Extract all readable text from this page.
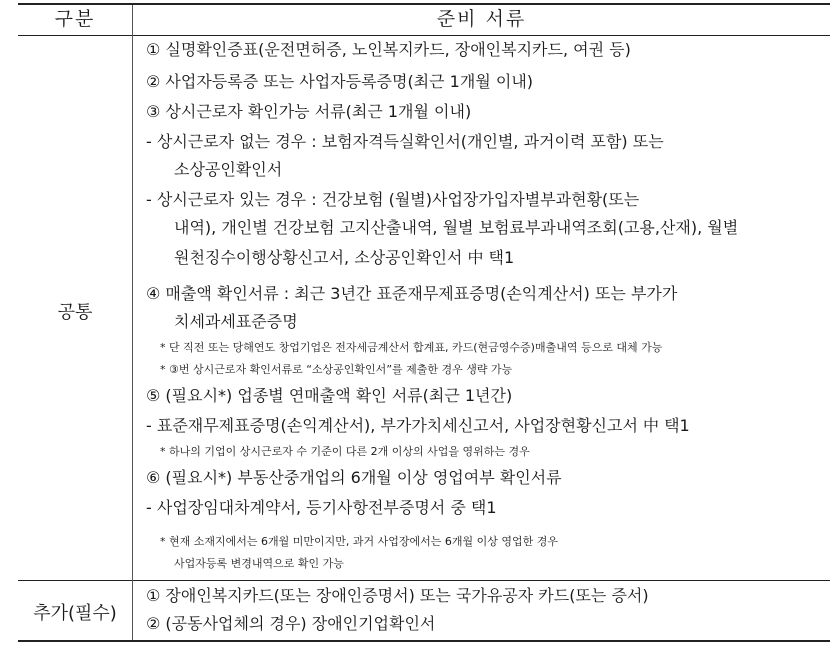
구분	준비 서류
공통
추가(필수)
① 실명확인증표(운전면허증, 노인복지카드, 장애인복지카드, 여권 등)
② 사업자등록증 또는 사업자등록증명(최근 1개월 이내)
③ 상시근로자 확인가능 서류(최근 1개월 이내)
- 상시근로자 없는 경우 : 보험자격득실확인서(개인별, 과거이력 포함) 또는
소상공인확인서
- 상시근로자 있는 경우 : 건강보험 (월별)사업장가입자별부과현황(또는
내역), 개인별 건강보험 고지산출내역, 월별 보험료부과내역조회(고용,산재), 월별
원천징수이행상황신고서, 소상공인확인서 中 택1
④ 매출액 확인서류 : 최근 3년간 표준재무제표증명(손익계산서) 또는 부가가
치세과세표준증명
* 단 직전 또는 당해연도 창업기업은 전자세금계산서 합계표, 카드(현금영수증)매출내역 등으로 대체 가능
* ③번 상시근로자 확인서류로 “소상공인확인서”를 제출한 경우 생략 가능
⑤ (필요시*) 업종별 연매출액 확인 서류(최근 1년간)
- 표준재무제표증명(손익계산서), 부가가치세신고서, 사업장현황신고서 中 택1
* 하나의 기업이 상시근로자 수 기준이 다른 2개 이상의 사업을 영위하는 경우
⑥ (필요시*) 부동산중개업의 6개월 이상 영업여부 확인서류
- 사업장임대차계약서, 등기사항전부증명서 중 택1
* 현재 소재지에서는 6개월 미만이지만, 과거 사업장에서는 6개월 이상 영업한 경우
사업자등록 변경내역으로 확인 가능
① 장애인복지카드(또는 장애인증명서) 또는 국가유공자 카드(또는 증서)
② (공동사업체의 경우) 장애인기업확인서
